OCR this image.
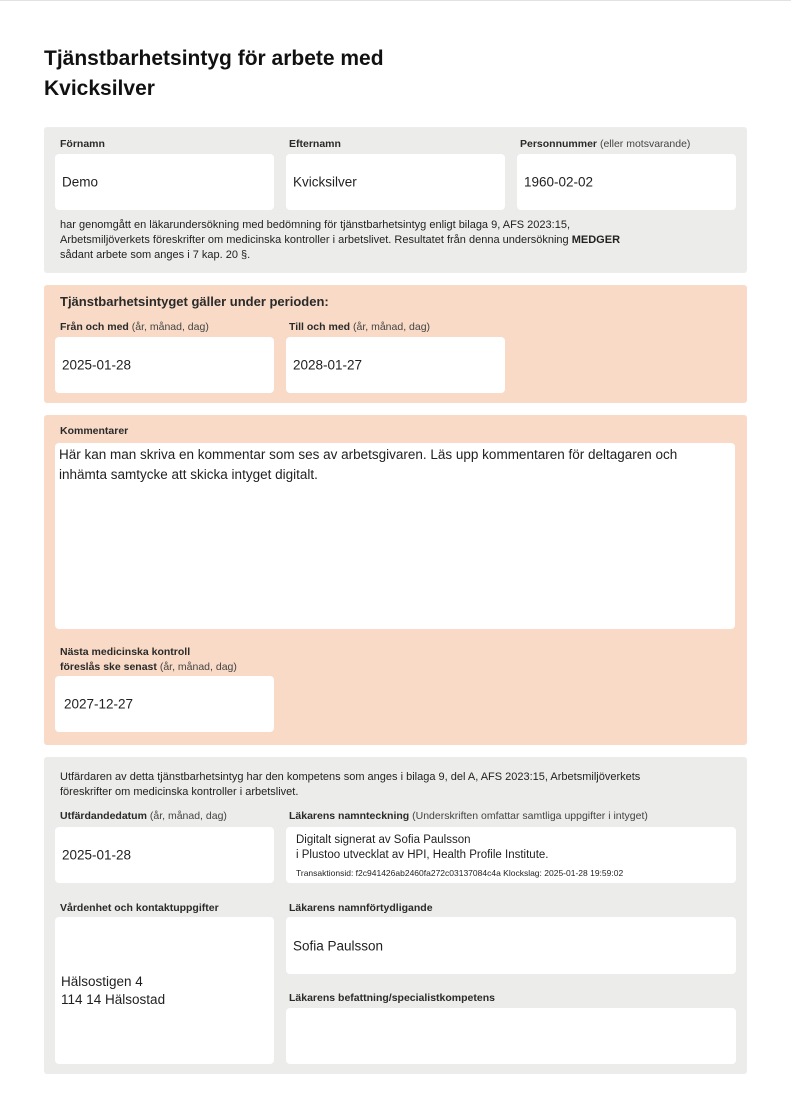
Tjänstbarhetsintyg för arbete med
Kvicksilver
Förnamn
Demo
Efternamn
Kvicksilver
Personnummer (eller motsvarande)
1960-02-02
har genomgått en läkarundersökning med bedömning för tjänstbarhetsintyg enligt bilaga 9, AFS 2023:15,
Arbetsmiljöverkets föreskrifter om medicinska kontroller i arbetslivet. Resultatet från denna undersökning MEDGER
sådant arbete som anges i 7 kap. 20 §.
Tjänstbarhetsintyget gäller under perioden:
Från och med (år, månad, dag)
2025-01-28
Till och med (år, månad, dag)
2028-01-27
Kommentarer
Här kan man skriva en kommentar som ses av arbetsgivaren. Läs upp kommentaren för deltagaren och inhämta samtycke att skicka intyget digitalt.
Nästa medicinska kontroll
föreslås ske senast (år, månad, dag)
2027-12-27
Utfärdaren av detta tjänstbarhetsintyg har den kompetens som anges i bilaga 9, del A, AFS 2023:15, Arbetsmiljöverkets
föreskrifter om medicinska kontroller i arbetslivet.
Utfärdandedatum (år, månad, dag)
2025-01-28
Läkarens namnteckning (Underskriften omfattar samtliga uppgifter i intyget)
Digitalt signerat av Sofia Paulsson
i Plustoo utvecklat av HPI, Health Profile Institute.
Transaktionsid: f2c941426ab2460fa272c03137084c4a Klockslag: 2025-01-28 19:59:02
Vårdenhet och kontaktuppgifter
Hälsostigen 4
114 14 Hälsostad
Läkarens namnförtydligande
Sofia Paulsson
Läkarens befattning/specialistkompetens
